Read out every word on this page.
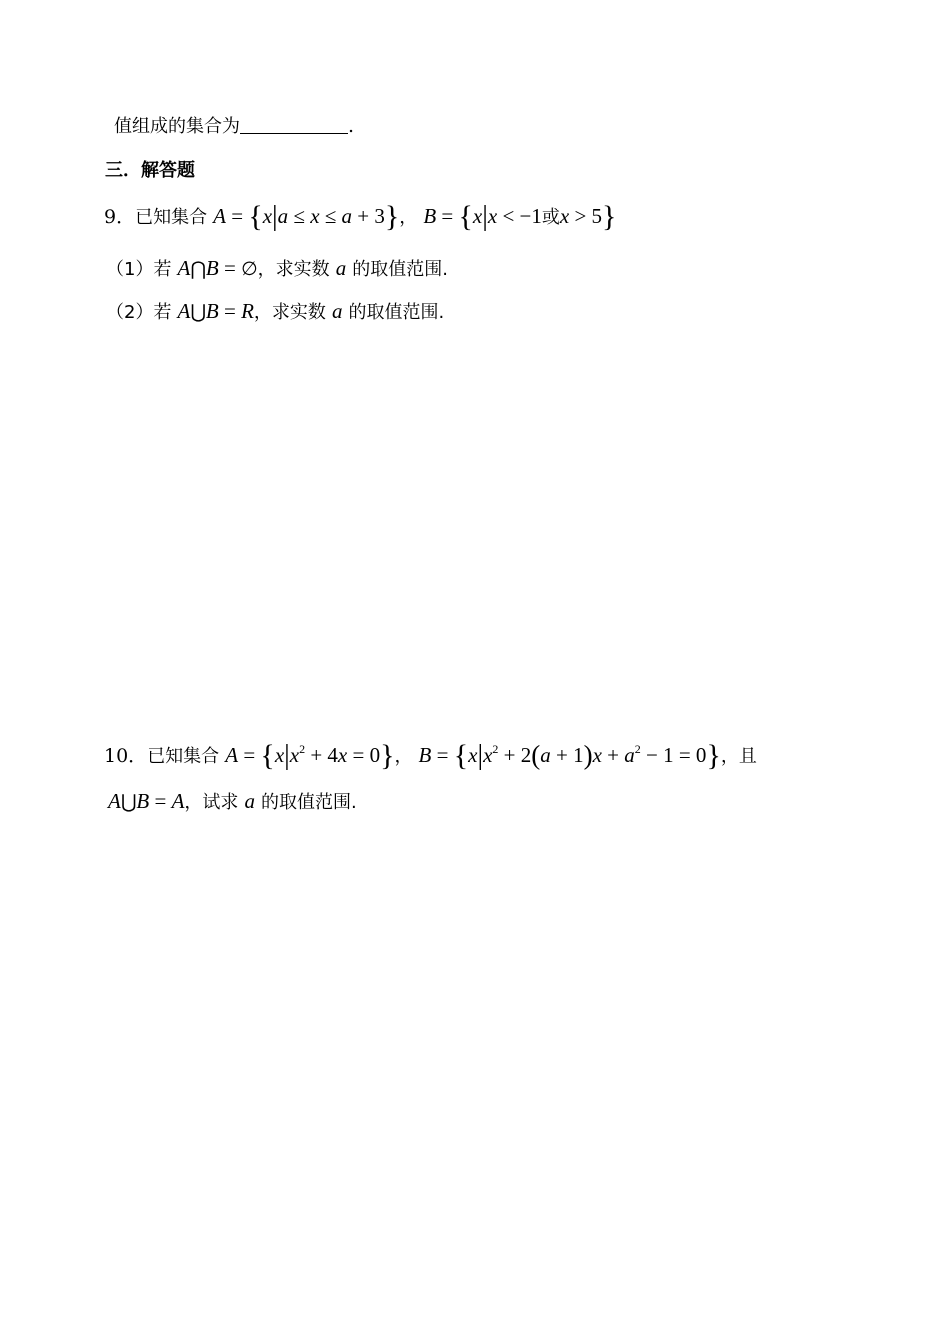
值组成的集合为	.
三．解答题
9．已知集合 A = {x|a ≤ x ≤ a + 3}， B = {x|x < −1或x > 5}
（1）若 A⋂B = ∅，求实数 a 的取值范围.
（2）若 A⋃B = R，求实数 a 的取值范围.
10．已知集合 $A = \{x|x^2 + 4x = 0\}$， $B = \{x|x^2 + 2(a + 1)x + a^2 - 1 = 0\}$，且
A⋃B = A，试求 a 的取值范围.
